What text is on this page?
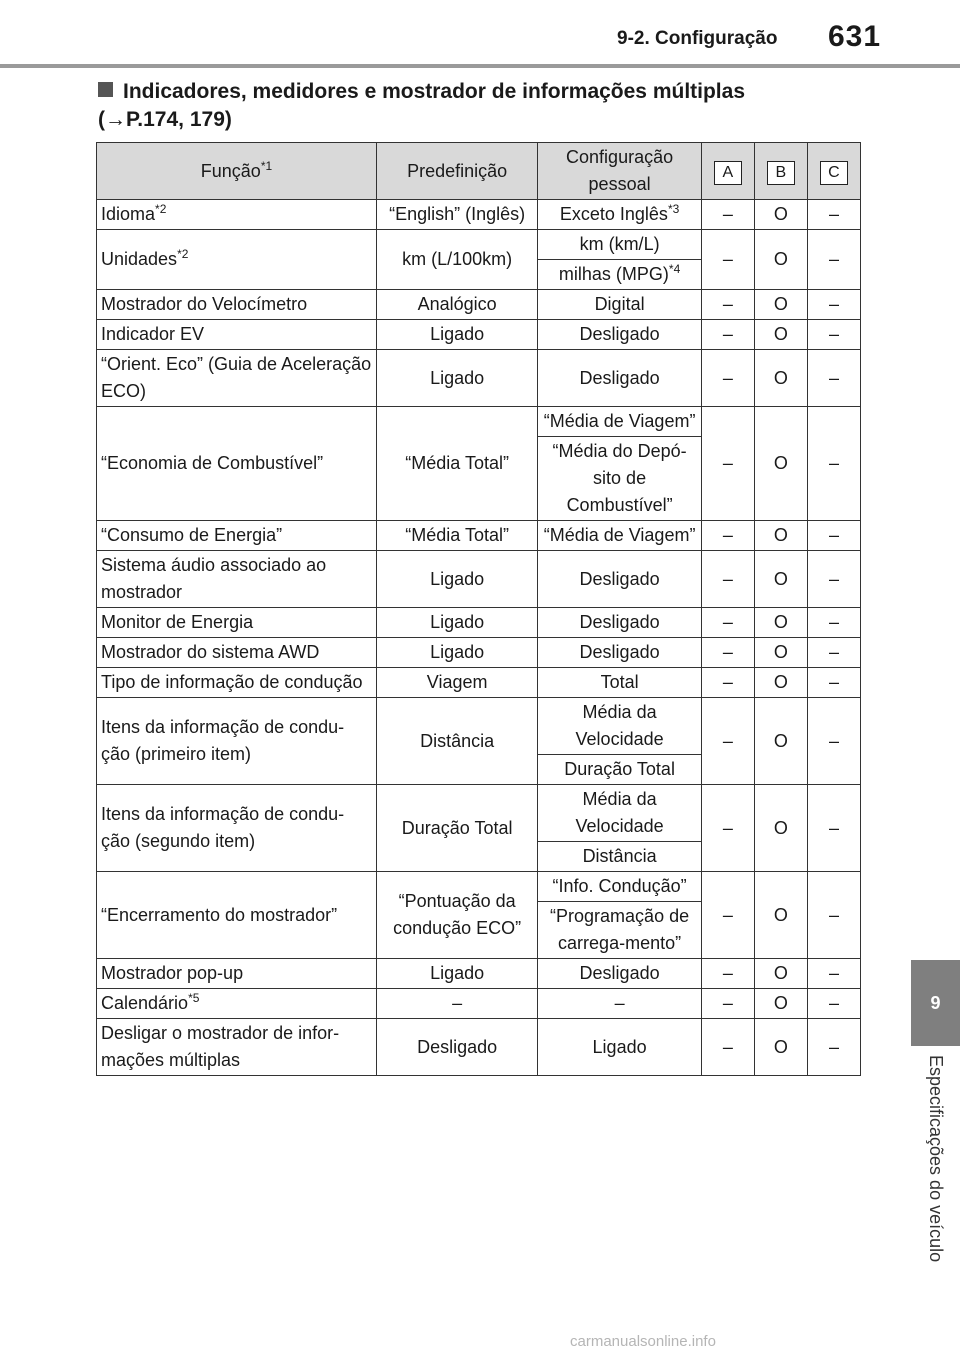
9-2. Configuração 631
Indicadores, medidores e mostrador de informações múltiplas
(→P.174, 179)
Função$^{*1}$	Predefinição	Configuração pessoal	A	B	C
Idioma$^{*2}$	“English” (Inglês)	Exceto Inglês$^{*3}$	–	O	–
Unidades$^{*2}$	km (L/100km)	km (km/L)	–	O	–
		milhas (MPG)$^{*4}$
Mostrador do Velocímetro	Analógico	Digital	–	O	–
Indicador EV	Ligado	Desligado	–	O	–
“Orient. Eco” (Guia de Aceleração ECO)	Ligado	Desligado	–	O	–
“Economia de Combustível”	“Média Total”	“Média de Viagem”	–	O	–
		“Média do Depó-sito de Combustível”			
“Consumo de Energia”	“Média Total”	“Média de Viagem”	–	O	–
Sistema áudio associado ao mostrador	Ligado	Desligado	–	O	–
Monitor de Energia	Ligado	Desligado	–	O	–
Mostrador do sistema AWD	Ligado	Desligado	–	O	–
Tipo de informação de condução	Viagem	Total	–	O	–
Itens da informação de condu-ção (primeiro item)	Distância	Média da Velocidade	–	O	–
		Duração Total			
Itens da informação de condu-ção (segundo item)	Duração Total	Média da Velocidade	–	O	–
		Distância			
“Encerramento do mostrador”	“Pontuação da condução ECO”	“Info. Condução”	–	O	–
		“Programação de carrega-mento”			
Mostrador pop-up	Ligado	Desligado	–	O	–
Calendário$^{*5}$	–	–	–	O	–
Desligar o mostrador de infor-mações múltiplas	Desligado	Ligado	–	O	–
9
Especificações do veículo
carmanualsonline.info
